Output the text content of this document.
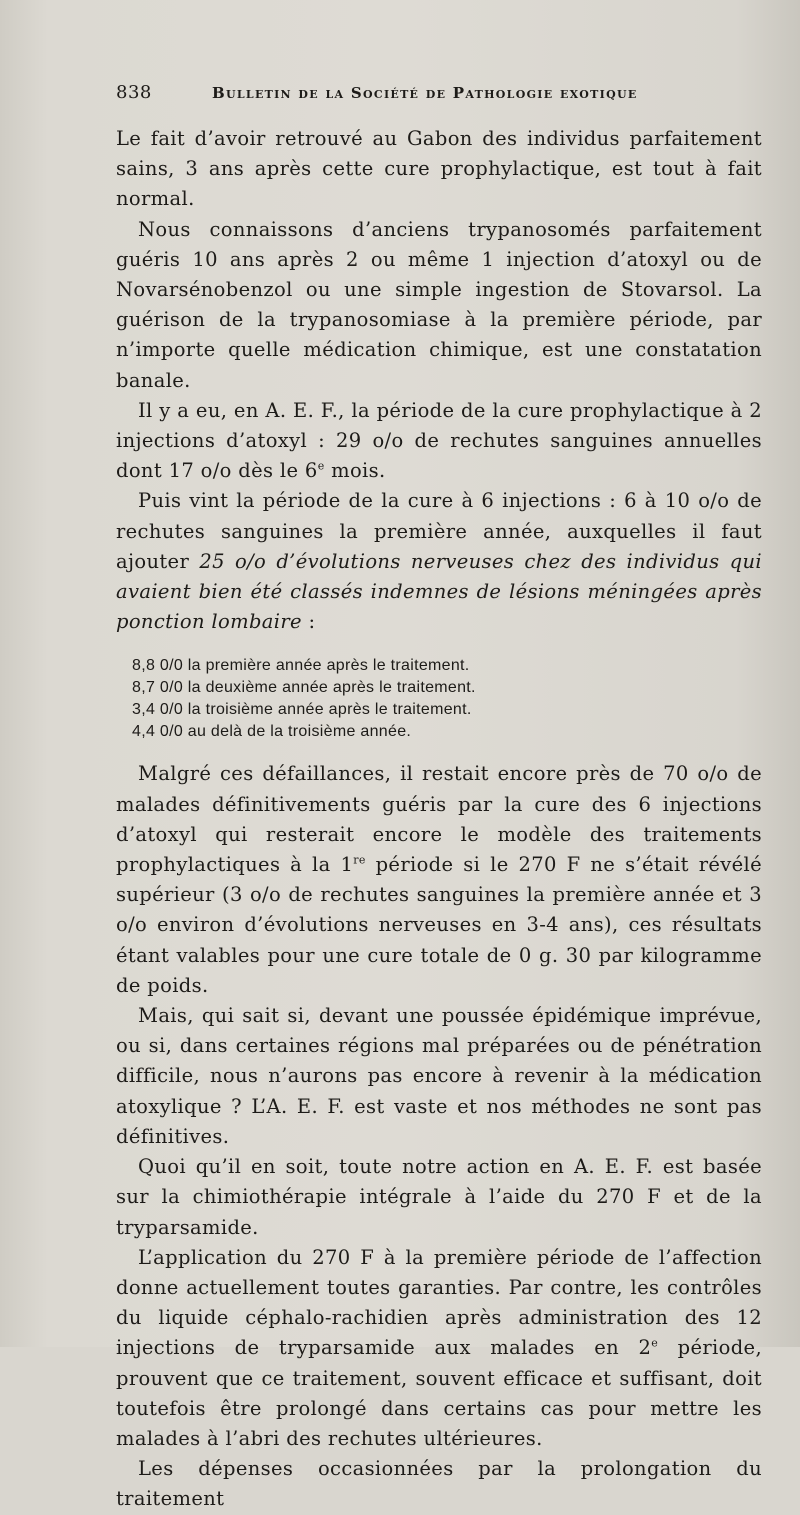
838	Bulletin de la Société de Pathologie exotique

Le fait d’avoir retrouvé au Gabon des individus parfaitement sains, 3 ans après cette cure prophylactique, est tout à fait normal.

Nous connaissons d’anciens trypanosomés parfaitement guéris 10 ans après 2 ou même 1 injection d’atoxyl ou de Novarsénobenzol ou une simple ingestion de Stovarsol. La guérison de la trypanosomiase à la première période, par n’importe quelle médication chimique, est une constatation banale.

Il y a eu, en A. E. F., la période de la cure prophylactique à 2 injections d’atoxyl : 29 o/o de rechutes sanguines annuelles dont 17 o/o dès le 6e mois.

Puis vint la période de la cure à 6 injections : 6 à 10 o/o de rechutes sanguines la première année, auxquelles il faut ajouter 25 o/o d’évolutions nerveuses chez des individus qui avaient bien été classés indemnes de lésions méningées après ponction lombaire :

8,8 0/0 la première année après le traitement.
8,7 0/0 la deuxième année après le traitement.
3,4 0/0 la troisième année après le traitement.
4,4 0/0 au delà de la troisième année.

Malgré ces défaillances, il restait encore près de 70 o/o de malades définitivements guéris par la cure des 6 injections d’atoxyl qui resterait encore le modèle des traitements prophylactiques à la 1re période si le 270 F ne s’était révélé supérieur (3 o/o de rechutes sanguines la première année et 3 o/o environ d’évolutions nerveuses en 3-4 ans), ces résultats étant valables pour une cure totale de 0 g. 30 par kilogramme de poids.

Mais, qui sait si, devant une poussée épidémique imprévue, ou si, dans certaines régions mal préparées ou de pénétration difficile, nous n’aurons pas encore à revenir à la médication atoxylique ? L’A. E. F. est vaste et nos méthodes ne sont pas définitives.

Quoi qu’il en soit, toute notre action en A. E. F. est basée sur la chimiothérapie intégrale à l’aide du 270 F et de la tryparsamide.

L’application du 270 F à la première période de l’affection donne actuellement toutes garanties. Par contre, les contrôles du liquide céphalo-rachidien après administration des 12 injections de tryparsamide aux malades en 2e période, prouvent que ce traitement, souvent efficace et suffisant, doit toutefois être prolongé dans certains cas pour mettre les malades à l’abri des rechutes ultérieures.

Les dépenses occasionnées par la prolongation du traitement
